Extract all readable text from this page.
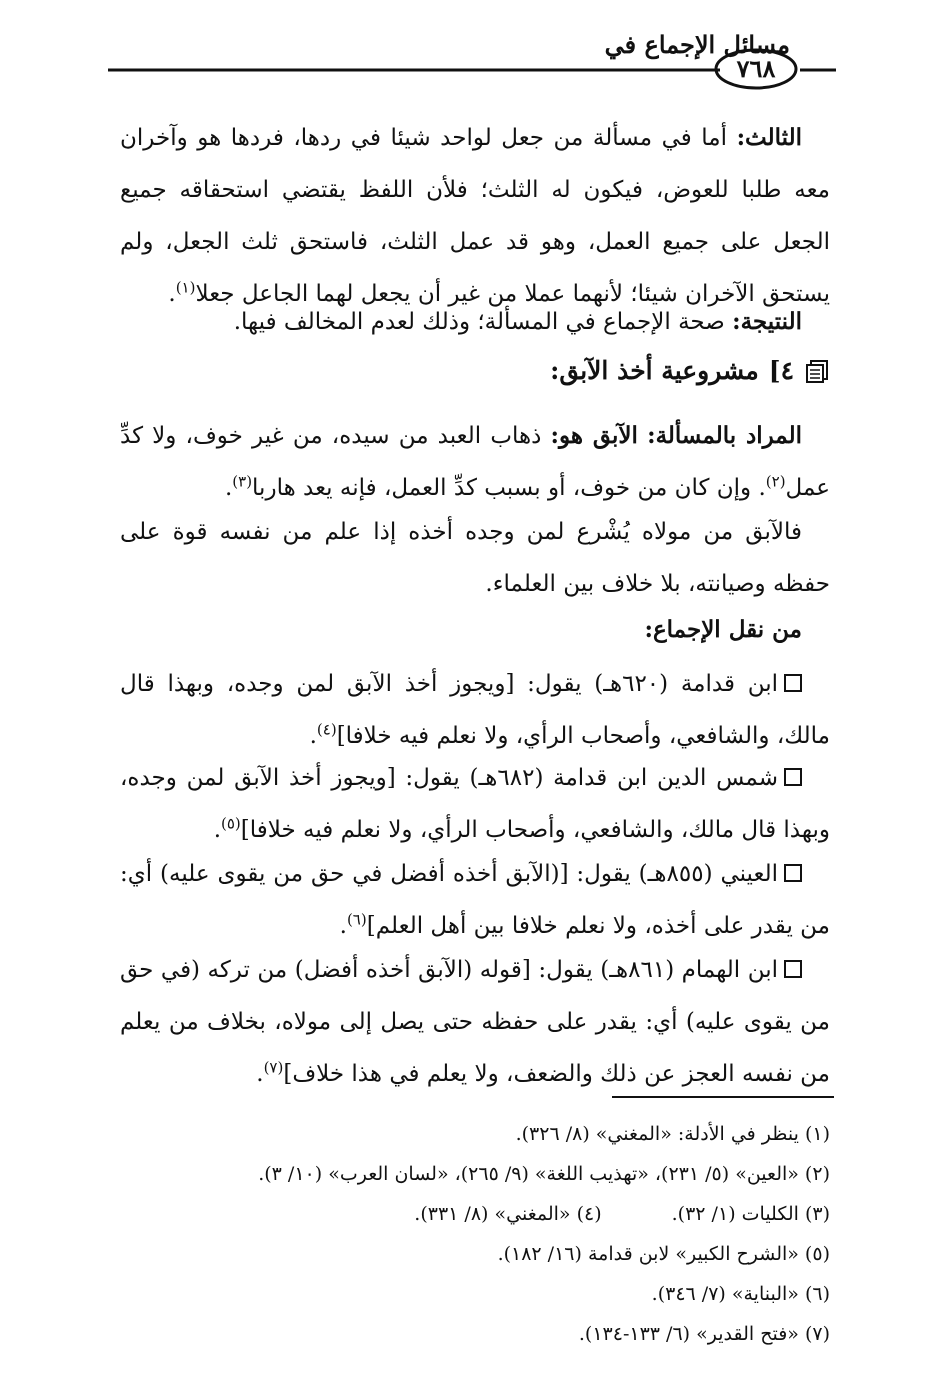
مسائل الإجماع في
٧٦٨

الثالث: أما في مسألة من جعل لواحد شيئا في ردها، فردها هو وآخران معه طلبا للعوض، فيكون له الثلث؛ فلأن اللفظ يقتضي استحقاقه جميع الجعل على جميع العمل، وهو قد عمل الثلث، فاستحق ثلث الجعل، ولم يستحق الآخران شيئا؛ لأنهما عملا من غير أن يجعل لهما الجاعل جعلا$^{(١)}$.

النتيجة: صحة الإجماع في المسألة؛ وذلك لعدم المخالف فيها.

٤]
مشروعية أخذ الآبق:

المراد بالمسألة: الآبق هو: ذهاب العبد من سيده، من غير خوف، ولا كدِّ عمل$^{(٢)}$. وإن كان من خوف، أو بسبب كدِّ العمل، فإنه يعد هاربا$^{(٣)}$.

فالآبق من مولاه يُشْرع لمن وجده أخذه إذا علم من نفسه قوة على حفظه وصيانته، بلا خلاف بين العلماء.

من نقل الإجماع:

ابن قدامة (٦٢٠هـ) يقول: [ويجوز أخذ الآبق لمن وجده، وبهذا قال مالك، والشافعي، وأصحاب الرأي، ولا نعلم فيه خلافا]$^{(٤)}$.

شمس الدين ابن قدامة (٦٨٢هـ) يقول: [ويجوز أخذ الآبق لمن وجده، وبهذا قال مالك، والشافعي، وأصحاب الرأي، ولا نعلم فيه خلافا]$^{(٥)}$.

العيني (٨٥٥هـ) يقول: [(الآبق أخذه أفضل في حق من يقوى عليه) أي: من يقدر على أخذه، ولا نعلم خلافا بين أهل العلم]$^{(٦)}$.

ابن الهمام (٨٦١هـ) يقول: [قوله (الآبق أخذه أفضل) من تركه (في حق من يقوى عليه) أي: يقدر على حفظه حتى يصل إلى مولاه، بخلاف من يعلم من نفسه العجز عن ذلك والضعف، ولا يعلم في هذا خلاف]$^{(٧)}$.

(١) ينظر في الأدلة: «المغني» (٨/ ٣٢٦).

(٢) «العين» (٥/ ٢٣١)، «تهذيب اللغة» (٩/ ٢٦٥)، «لسان العرب» (١٠/ ٣).

(٣) الكليات (١/ ٣٢).(٤) «المغني» (٨/ ٣٣١).

(٥) «الشرح الكبير» لابن قدامة (١٦/ ١٨٢).

(٦) «البناية» (٧/ ٣٤٦).

(٧) «فتح القدير» (٦/ ١٣٣-١٣٤).
